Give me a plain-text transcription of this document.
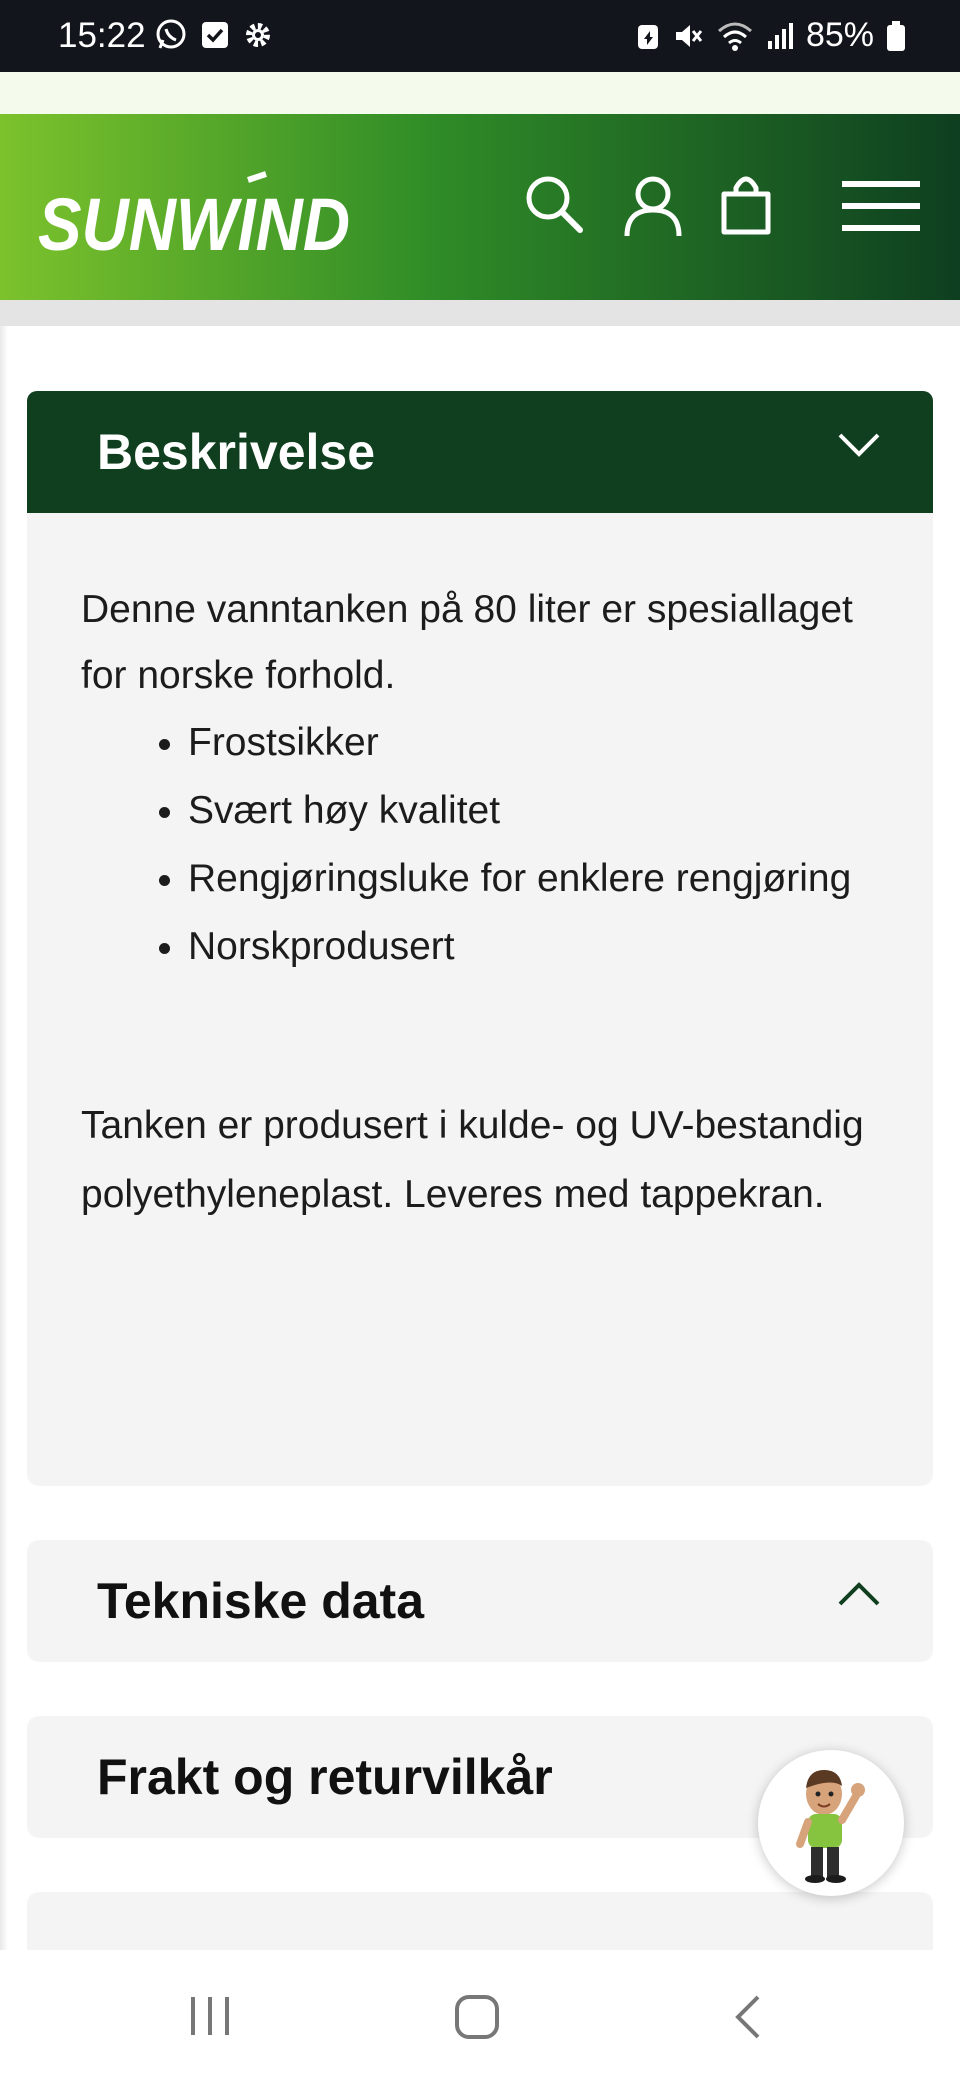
15:22	85%
SUNWIND
Beskrivelse

Denne vanntanken på 80 liter er spesiallaget for norske forhold.

• Frostsikker
• Svært høy kvalitet
• Rengjøringsluke for enklere rengjøring
• Norskprodusert

Tanken er produsert i kulde- og UV-bestandig polyethyleneplast. Leveres med tappekran.

Tekniske data
Frakt og returvilkår
